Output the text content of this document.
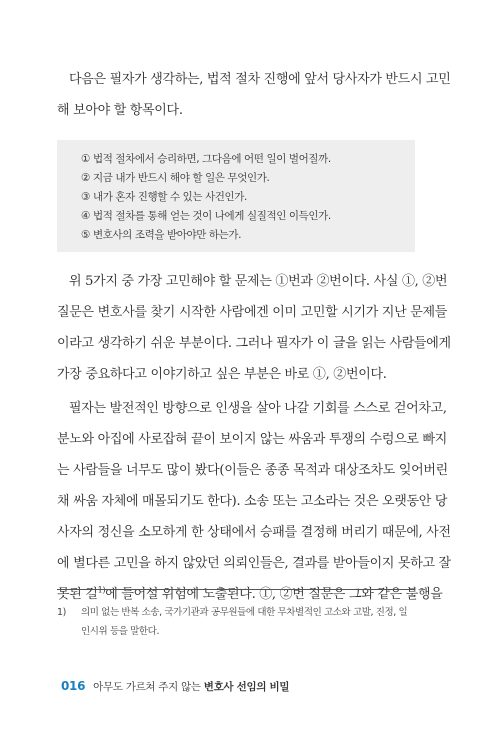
다음은 필자가 생각하는, 법적 절차 진행에 앞서 당사자가 반드시 고민
해 보아야 할 항목이다.

① 법적 절차에서 승리하면, 그다음에 어떤 일이 벌어질까.
② 지금 내가 반드시 해야 할 일은 무엇인가.
③ 내가 혼자 진행할 수 있는 사건인가.
④ 법적 절차를 통해 얻는 것이 나에게 실질적인 이득인가.
⑤ 변호사의 조력을 받아야만 하는가.

위 5가지 중 가장 고민해야 할 문제는 ①번과 ②번이다. 사실 ①, ②번
질문은 변호사를 찾기 시작한 사람에겐 이미 고민할 시기가 지난 문제들
이라고 생각하기 쉬운 부분이다. 그러나 필자가 이 글을 읽는 사람들에게
가장 중요하다고 이야기하고 싶은 부분은 바로 ①, ②번이다.

필자는 발전적인 방향으로 인생을 살아 나갈 기회를 스스로 걷어차고,
분노와 아집에 사로잡혀 끝이 보이지 않는 싸움과 투쟁의 수렁으로 빠지
는 사람들을 너무도 많이 봤다(이들은 종종 목적과 대상조차도 잊어버린
채 싸움 자체에 매몰되기도 한다). 소송 또는 고소라는 것은 오랫동안 당
사자의 정신을 소모하게 한 상태에서 승패를 결정해 버리기 때문에, 사전
에 별다른 고민을 하지 않았던 의뢰인들은, 결과를 받아들이지 못하고 잘
못된 길$^{1)}$에 들어설 위험에 노출된다. ①, ②번 질문은 그와 같은 불행을

1)	의미 없는 반복 소송, 국가기관과 공무원들에 대한 무차별적인 고소와 고발, 진정, 일
인시위 등을 말한다.
016 아무도 가르쳐 주지 않는 변호사 선임의 비밀
